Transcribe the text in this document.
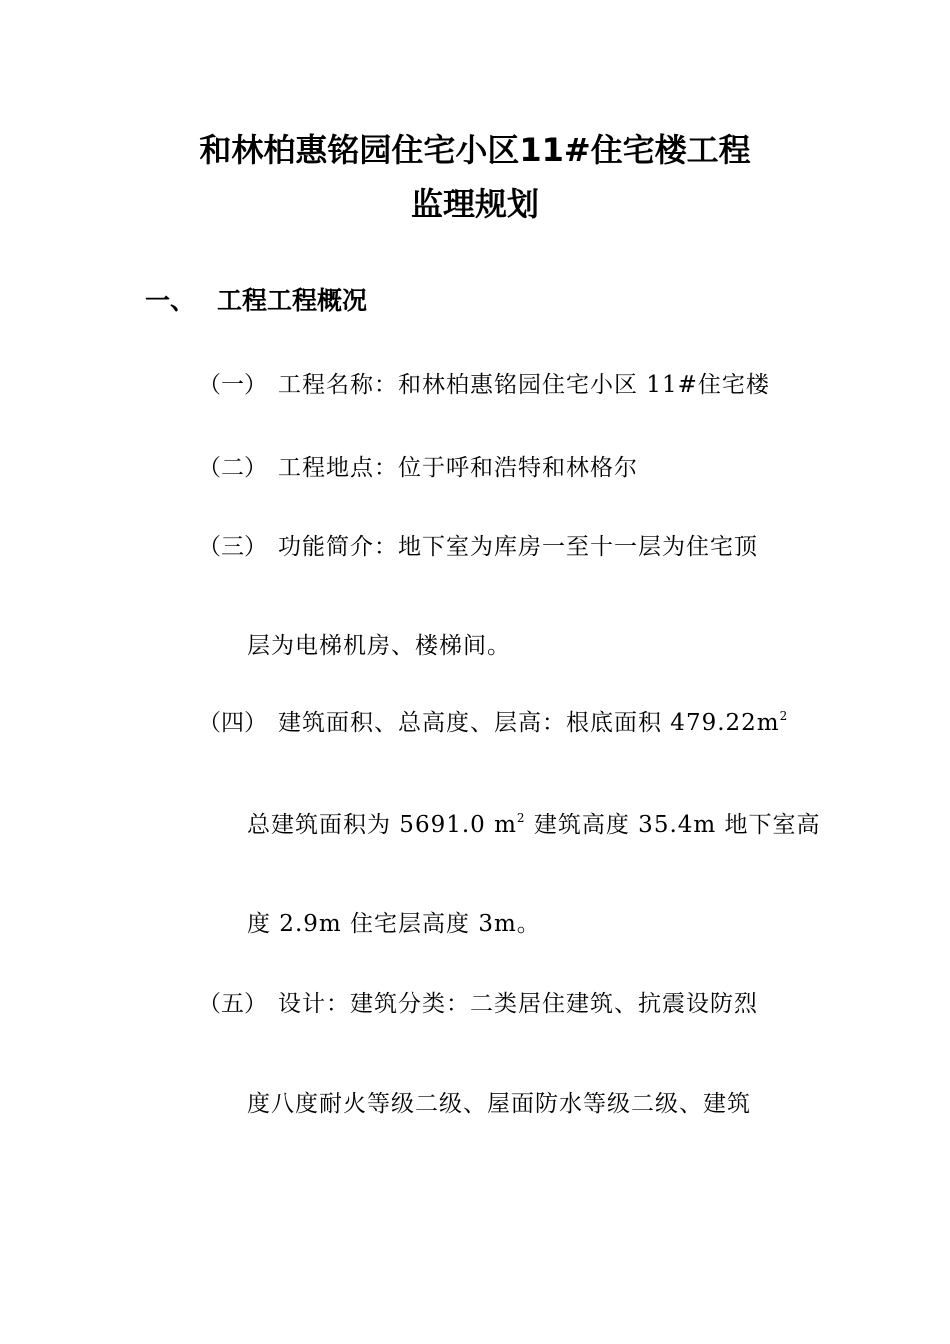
和林柏惠铭园住宅小区11#住宅楼工程
监理规划
一、 工程工程概况
（一） 工程名称：和林柏惠铭园住宅小区 11#住宅楼
（二） 工程地点：位于呼和浩特和林格尔
（三） 功能简介：地下室为库房一至十一层为住宅顶
层为电梯机房、楼梯间。
（四） 建筑面积、总高度、层高：根底面积 $479.22m^2$
总建筑面积为 5691.0 $m^2$ 建筑高度 35.4m 地下室高
度 2.9m 住宅层高度 3m。
（五） 设计：建筑分类：二类居住建筑、抗震设防烈
度八度耐火等级二级、屋面防水等级二级、建筑
